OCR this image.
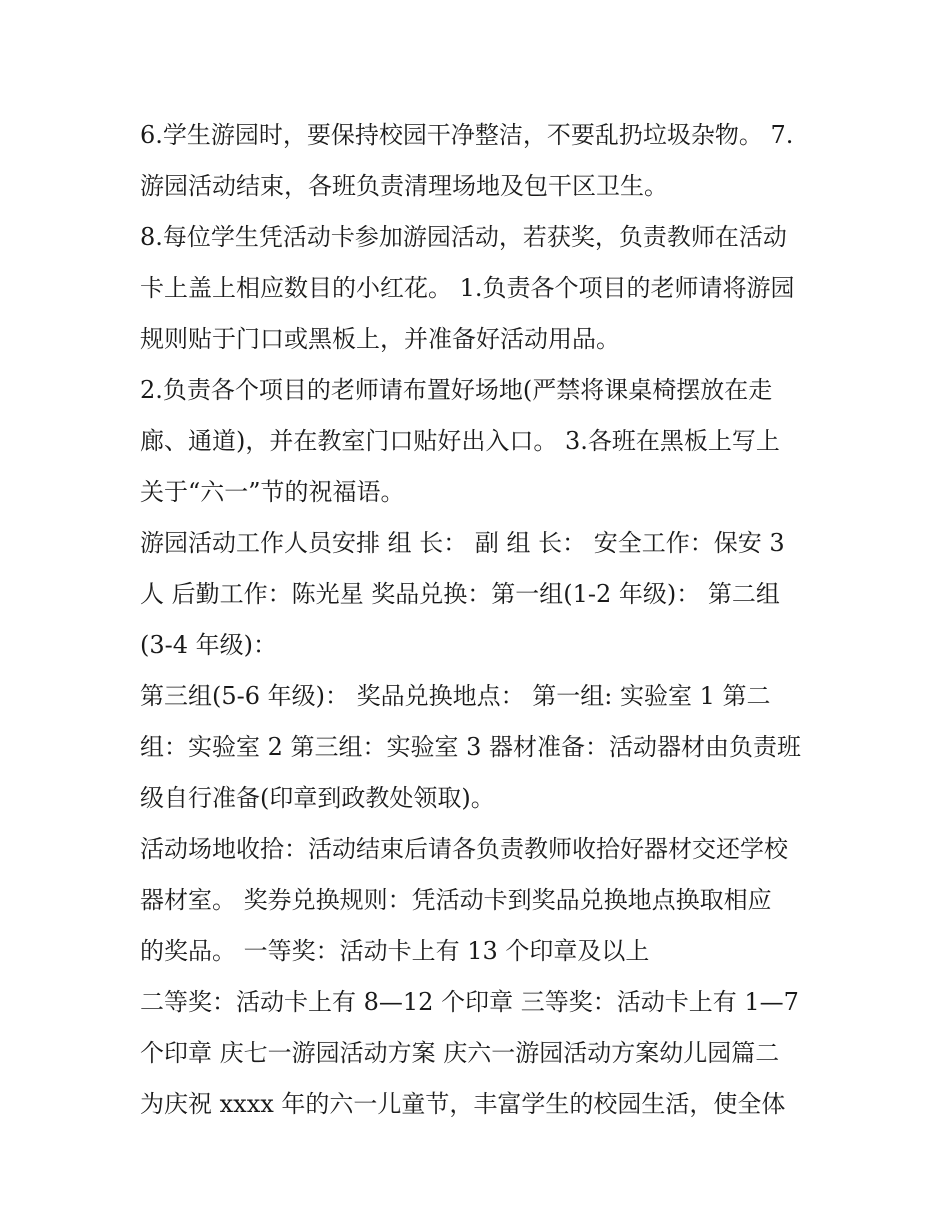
6.学生游园时，要保持校园干净整洁，不要乱扔垃圾杂物。 7.
游园活动结束，各班负责清理场地及包干区卫生。
8.每位学生凭活动卡参加游园活动，若获奖，负责教师在活动
卡上盖上相应数目的小红花。 1.负责各个项目的老师请将游园
规则贴于门口或黑板上，并准备好活动用品。
2.负责各个项目的老师请布置好场地(严禁将课桌椅摆放在走
廊、通道)，并在教室门口贴好出入口。 3.各班在黑板上写上
关于“六一”节的祝福语。
游园活动工作人员安排 组 长： 副 组 长： 安全工作：保安 3
人 后勤工作：陈光星 奖品兑换：第一组(1-2 年级)： 第二组
(3-4 年级)：
第三组(5-6 年级)： 奖品兑换地点： 第一组: 实验室 1 第二
组：实验室 2 第三组：实验室 3 器材准备：活动器材由负责班
级自行准备(印章到政教处领取)。
活动场地收拾：活动结束后请各负责教师收拾好器材交还学校
器材室。 奖券兑换规则：凭活动卡到奖品兑换地点换取相应
的奖品。 一等奖：活动卡上有 13 个印章及以上
二等奖：活动卡上有 8—12 个印章 三等奖：活动卡上有 1—7
个印章 庆七一游园活动方案 庆六一游园活动方案幼儿园篇二
为庆祝 xxxx 年的六一儿童节，丰富学生的校园生活，使全体
